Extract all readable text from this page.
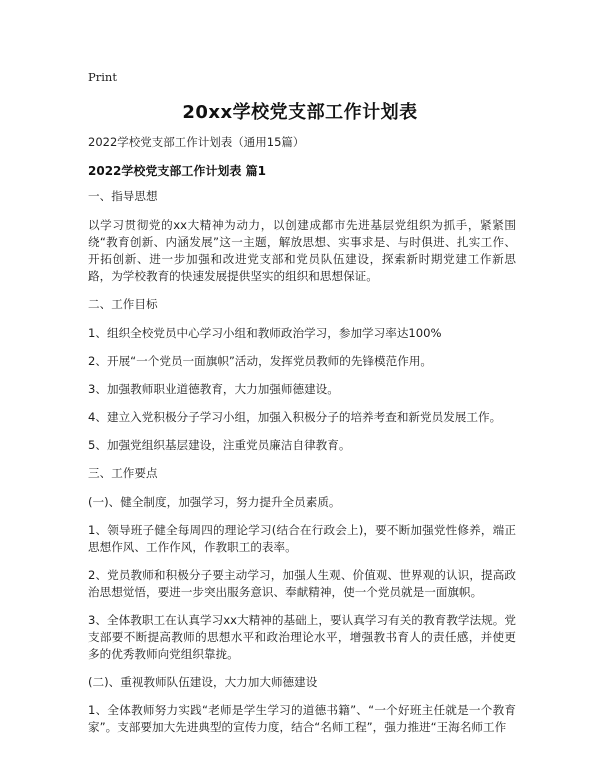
Print
20xx学校党支部工作计划表
2022学校党支部工作计划表（通用15篇）
2022学校党支部工作计划表 篇1

一、指导思想

以学习贯彻党的xx大精神为动力，以创建成都市先进基层党组织为抓手，紧紧围绕“教育创新、内涵发展”这一主题，解放思想、实事求是、与时俱进、扎实工作、开拓创新、进一步加强和改进党支部和党员队伍建设，探索新时期党建工作新思路，为学校教育的快速发展提供坚实的组织和思想保证。

二、工作目标

1、组织全校党员中心学习小组和教师政治学习，参加学习率达100%

2、开展“一个党员一面旗帜”活动，发挥党员教师的先锋模范作用。

3、加强教师职业道德教育，大力加强师德建设。

4、建立入党积极分子学习小组，加强入积极分子的培养考查和新党员发展工作。

5、加强党组织基层建设，注重党员廉洁自律教育。

三、工作要点

(一)、健全制度，加强学习，努力提升全员素质。

1、领导班子健全每周四的理论学习(结合在行政会上)，要不断加强党性修养，端正思想作风、工作作风，作教职工的表率。

2、党员教师和积极分子要主动学习，加强人生观、价值观、世界观的认识，提高政治思想觉悟，要进一步突出服务意识、奉献精神，使一个党员就是一面旗帜。

3、全体教职工在认真学习xx大精神的基础上，要认真学习有关的教育教学法规。党支部要不断提高教师的思想水平和政治理论水平，增强教书育人的责任感，并使更多的优秀教师向党组织靠拢。

(二)、重视教师队伍建设，大力加大师德建设

1、全体教师努力实践“老师是学生学习的道德书籍”、“一个好班主任就是一个教育家”。支部要加大先进典型的宣传力度，结合“名师工程”，强力推进“王海名师工作
